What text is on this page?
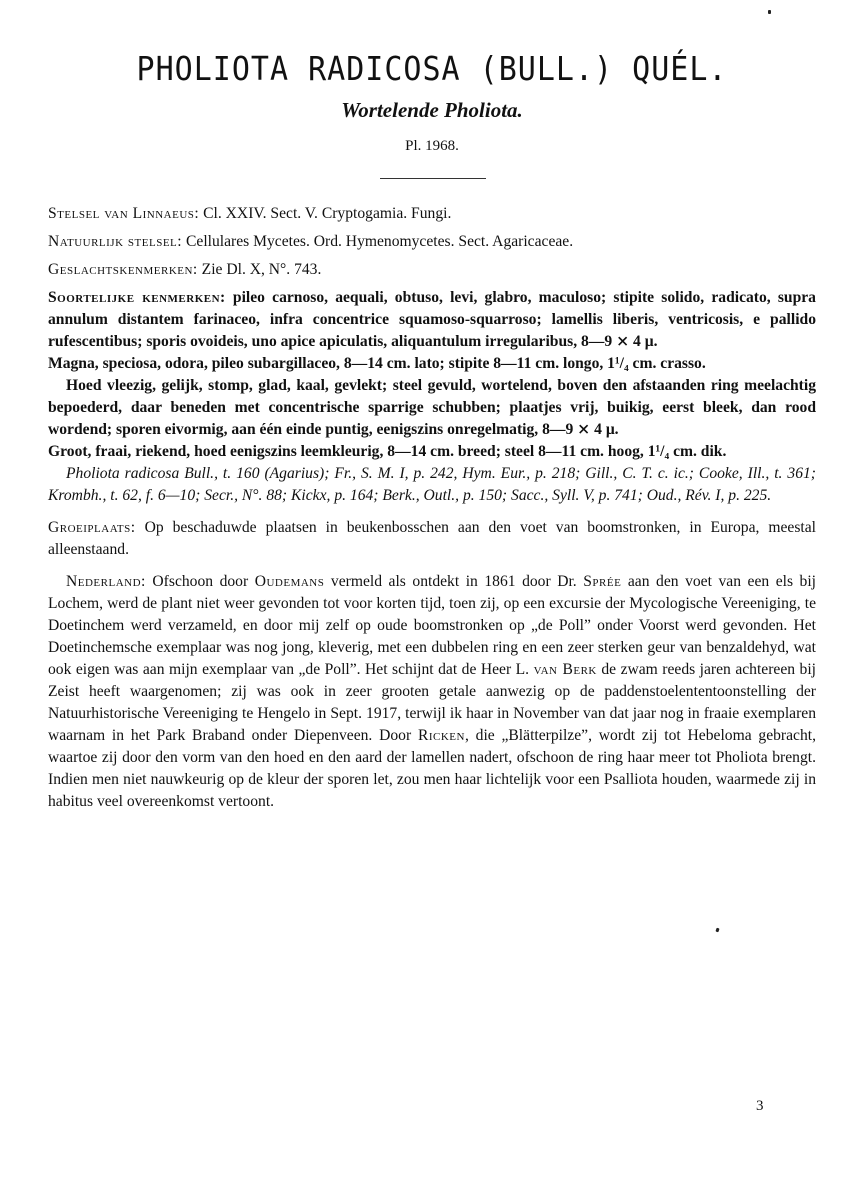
PHOLIOTA RADICOSA (BULL.) QUÉL.
Wortelende Pholiota.
Pl. 1968.

Stelsel van Linnaeus: Cl. XXIV. Sect. V. Cryptogamia. Fungi.

Natuurlijk stelsel: Cellulares Mycetes. Ord. Hymenomycetes. Sect. Agaricaceae.

Geslachtskenmerken: Zie Dl. X, N°. 743.

Soortelijke kenmerken: pileo carnoso, aequali, obtuso, levi, glabro, maculoso; stipite solido, radicato, supra annulum distantem farinaceo, infra concentrice squamoso-squarroso; lamellis liberis, ventricosis, e pallido rufescentibus; sporis ovoideis, uno apice apiculatis, aliquantulum irregularibus, 8—9 ⨯ 4 μ.

Magna, speciosa, odora, pileo subargillaceo, 8—14 cm. lato; stipite 8—11 cm. longo, 1¹/₄ cm. crasso.

Hoed vleezig, gelijk, stomp, glad, kaal, gevlekt; steel gevuld, wortelend, boven den afstaanden ring meelachtig bepoederd, daar beneden met concentrische sparrige schubben; plaatjes vrij, buikig, eerst bleek, dan rood wordend; sporen eivormig, aan één einde puntig, eenigszins onregelmatig, 8—9 ⨯ 4 μ.

Groot, fraai, riekend, hoed eenigszins leemkleurig, 8—14 cm. breed; steel 8—11 cm. hoog, 1¹/₄ cm. dik.

Pholiota radicosa Bull., t. 160 (Agarius); Fr., S. M. I, p. 242, Hym. Eur., p. 218; Gill., C. T. c. ic.; Cooke, Ill., t. 361; Krombh., t. 62, f. 6—10; Secr., N°. 88; Kickx, p. 164; Berk., Outl., p. 150; Sacc., Syll. V, p. 741; Oud., Rév. I, p. 225.

Groeiplaats: Op beschaduwde plaatsen in beukenbosschen aan den voet van boomstronken, in Europa, meestal alleenstaand.

Nederland: Ofschoon door Oudemans vermeld als ontdekt in 1861 door Dr. Sprée aan den voet van een els bij Lochem, werd de plant niet weer gevonden tot voor korten tijd, toen zij, op een excursie der Mycologische Vereeniging, te Doetinchem werd verzameld, en door mij zelf op oude boomstronken op „de Poll” onder Voorst werd gevonden. Het Doetinchemsche exemplaar was nog jong, kleverig, met een dubbelen ring en een zeer sterken geur van benzaldehyd, wat ook eigen was aan mijn exemplaar van „de Poll”. Het schijnt dat de Heer L. van Berk de zwam reeds jaren achtereen bij Zeist heeft waargenomen; zij was ook in zeer grooten getale aanwezig op de paddenstoelententoonstelling der Natuurhistorische Vereeniging te Hengelo in Sept. 1917, terwijl ik haar in November van dat jaar nog in fraaie exemplaren waarnam in het Park Braband onder Diepenveen. Door Ricken, die „Blätterpilze”, wordt zij tot Hebeloma gebracht, waartoe zij door den vorm van den hoed en den aard der lamellen nadert, ofschoon de ring haar meer tot Pholiota brengt. Indien men niet nauwkeurig op de kleur der sporen let, zou men haar lichtelijk voor een Psalliota houden, waarmede zij in habitus veel overeenkomst vertoont.

3
